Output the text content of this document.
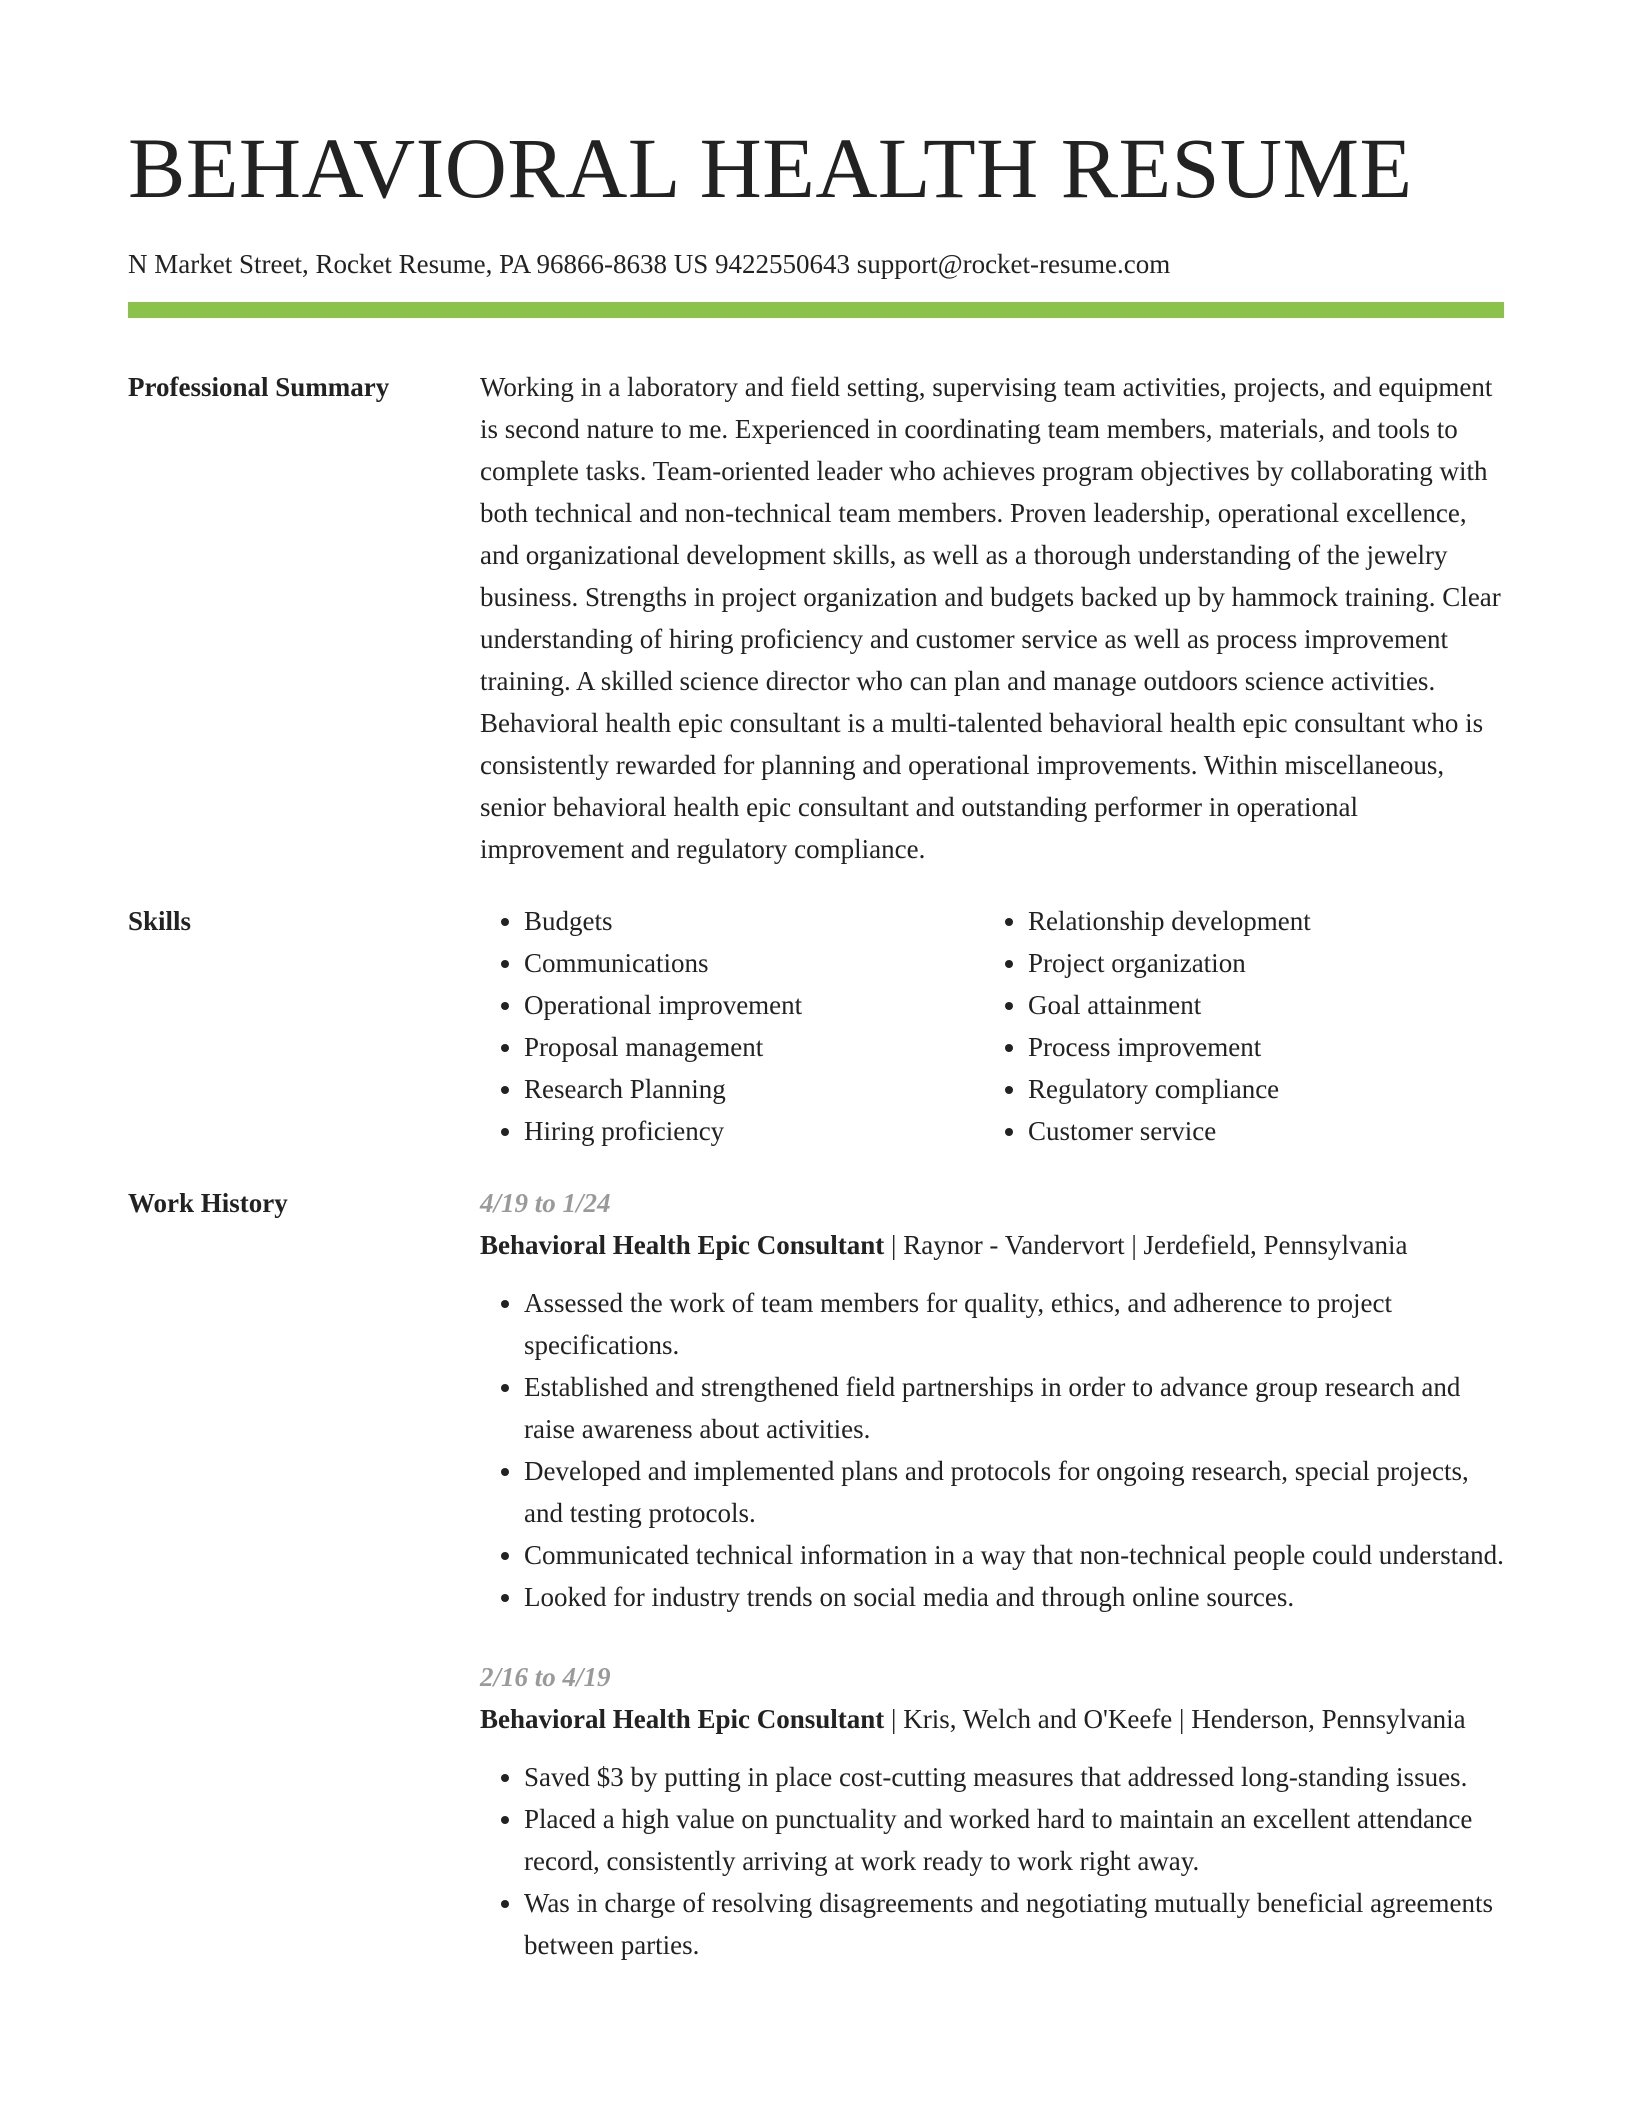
BEHAVIORAL HEALTH RESUME
N Market Street, Rocket Resume, PA 96866-8638 US 9422550643 support@rocket-resume.com
Professional Summary	Working in a laboratory and field setting, supervising team activities, projects, and equipment is second nature to me. Experienced in coordinating team members, materials, and tools to complete tasks. Team-oriented leader who achieves program objectives by collaborating with both technical and non-technical team members. Proven leadership, operational excellence, and organizational development skills, as well as a thorough understanding of the jewelry business. Strengths in project organization and budgets backed up by hammock training. Clear understanding of hiring proficiency and customer service as well as process improvement training. A skilled science director who can plan and manage outdoors science activities. Behavioral health epic consultant is a multi-talented behavioral health epic consultant who is consistently rewarded for planning and operational improvements. Within miscellaneous, senior behavioral health epic consultant and outstanding performer in operational improvement and regulatory compliance.
Skills
•	Budgets
• Communications
• Operational improvement
• Proposal management
• Research Planning
• Hiring proficiency
• Relationship development
• Project organization
• Goal attainment
• Process improvement
• Regulatory compliance
• Customer service
Work History	4/19 to 1/24
Behavioral Health Epic Consultant | Raynor - Vandervort | Jerdefield, Pennsylvania
• Assessed the work of team members for quality, ethics, and adherence to project specifications.
• Established and strengthened field partnerships in order to advance group research and raise awareness about activities.
• Developed and implemented plans and protocols for ongoing research, special projects, and testing protocols.
• Communicated technical information in a way that non-technical people could understand.
• Looked for industry trends on social media and through online sources.
2/16 to 4/19
Behavioral Health Epic Consultant | Kris, Welch and O'Keefe | Henderson, Pennsylvania
• Saved $3 by putting in place cost-cutting measures that addressed long-standing issues.
• Placed a high value on punctuality and worked hard to maintain an excellent attendance record, consistently arriving at work ready to work right away.
• Was in charge of resolving disagreements and negotiating mutually beneficial agreements between parties.
